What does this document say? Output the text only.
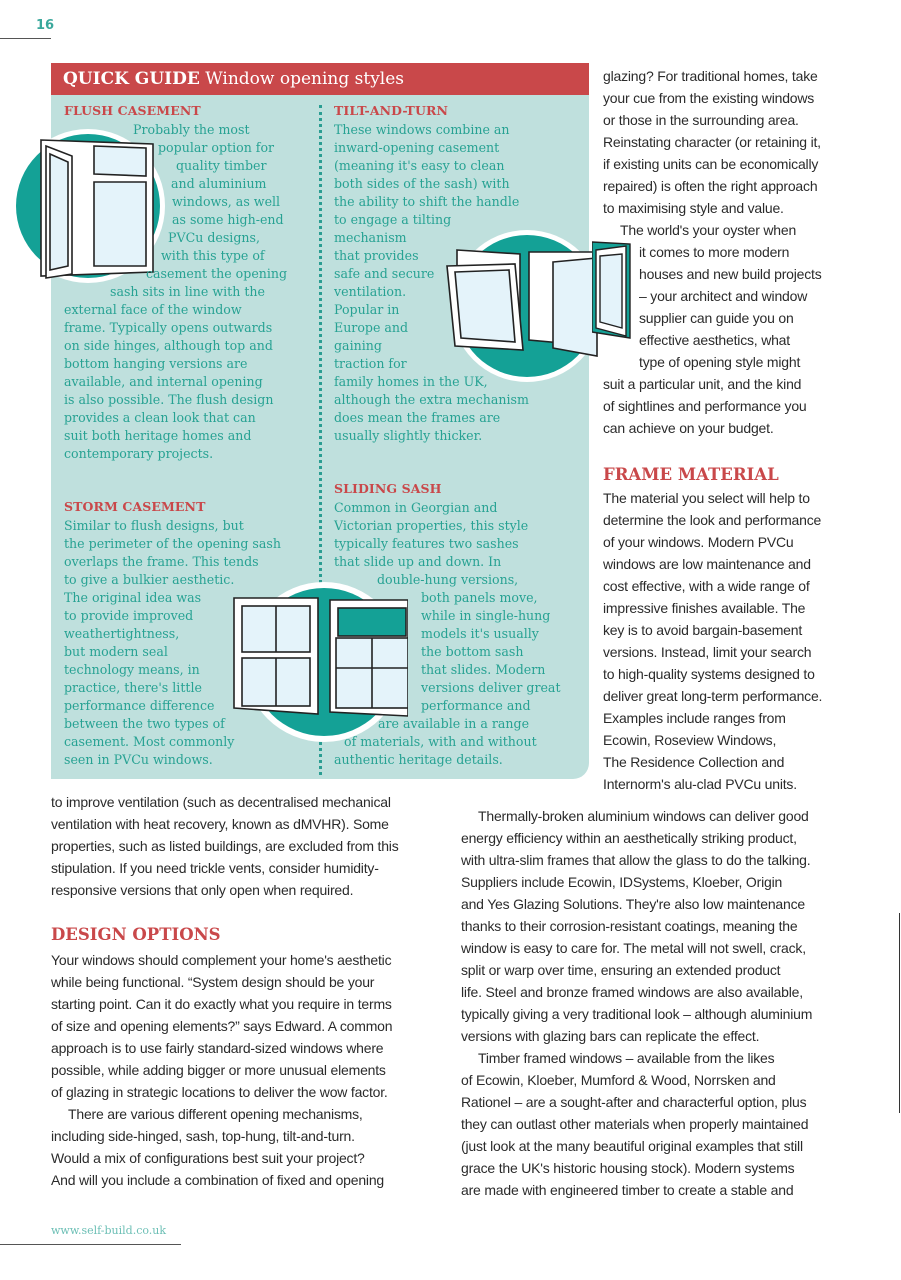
16
QUICK GUIDE Window opening styles
FLUSH CASEMENT
Probably the most
popular option for
quality timber
and aluminium
windows, as well
as some high-end
PVCu designs,
with this type of
casement the opening
sash sits in line with the
external face of the window
frame. Typically opens outwards
on side hinges, although top and
bottom hanging versions are
available, and internal opening
is also possible. The flush design
provides a clean look that can
suit both heritage homes and
contemporary projects.
TILT-AND-TURN
These windows combine an
inward-opening casement
(meaning it's easy to clean
both sides of the sash) with
the ability to shift the handle
to engage a tilting
mechanism
that provides
safe and secure
ventilation.
Popular in
Europe and
gaining
traction for
family homes in the UK,
although the extra mechanism
does mean the frames are
usually slightly thicker.
STORM CASEMENT
Similar to flush designs, but
the perimeter of the opening sash
overlaps the frame. This tends
to give a bulkier aesthetic.
The original idea was
to provide improved
weathertightness,
but modern seal
technology means, in
practice, there's little
performance difference
between the two types of
casement. Most commonly
seen in PVCu windows.
SLIDING SASH
Common in Georgian and
Victorian properties, this style
typically features two sashes
that slide up and down. In
double-hung versions,
both panels move,
while in single-hung
models it's usually
the bottom sash
that slides. Modern
versions deliver great
performance and
are available in a range
of materials, with and without
authentic heritage details.
glazing? For traditional homes, take
your cue from the existing windows
or those in the surrounding area.
Reinstating character (or retaining it,
if existing units can be economically
repaired) is often the right approach
to maximising style and value.
The world's your oyster when
it comes to more modern
houses and new build projects
– your architect and window
supplier can guide you on
effective aesthetics, what
type of opening style might
suit a particular unit, and the kind
of sightlines and performance you
can achieve on your budget.
FRAME MATERIAL
The material you select will help to
determine the look and performance
of your windows. Modern PVCu
windows are low maintenance and
cost effective, with a wide range of
impressive finishes available. The
key is to avoid bargain-basement
versions. Instead, limit your search
to high-quality systems designed to
deliver great long-term performance.
Examples include ranges from
Ecowin, Roseview Windows,
The Residence Collection and
Internorm's alu-clad PVCu units.
to improve ventilation (such as decentralised mechanical
ventilation with heat recovery, known as dMVHR). Some
properties, such as listed buildings, are excluded from this
stipulation. If you need trickle vents, consider humidity-
responsive versions that only open when required.
DESIGN OPTIONS
Your windows should complement your home's aesthetic
while being functional. “System design should be your
starting point. Can it do exactly what you require in terms
of size and opening elements?” says Edward. A common
approach is to use fairly standard-sized windows where
possible, while adding bigger or more unusual elements
of glazing in strategic locations to deliver the wow factor.
There are various different opening mechanisms,
including side-hinged, sash, top-hung, tilt-and-turn.
Would a mix of configurations best suit your project?
And will you include a combination of fixed and opening
Thermally-broken aluminium windows can deliver good
energy efficiency within an aesthetically striking product,
with ultra-slim frames that allow the glass to do the talking.
Suppliers include Ecowin, IDSystems, Kloeber, Origin
and Yes Glazing Solutions. They're also low maintenance
thanks to their corrosion-resistant coatings, meaning the
window is easy to care for. The metal will not swell, crack,
split or warp over time, ensuring an extended product
life. Steel and bronze framed windows are also available,
typically giving a very traditional look – although aluminium
versions with glazing bars can replicate the effect.
Timber framed windows – available from the likes
of Ecowin, Kloeber, Mumford & Wood, Norrsken and
Rationel – are a sought-after and characterful option, plus
they can outlast other materials when properly maintained
(just look at the many beautiful original examples that still
grace the UK's historic housing stock). Modern systems
are made with engineered timber to create a stable and
www.self-build.co.uk
